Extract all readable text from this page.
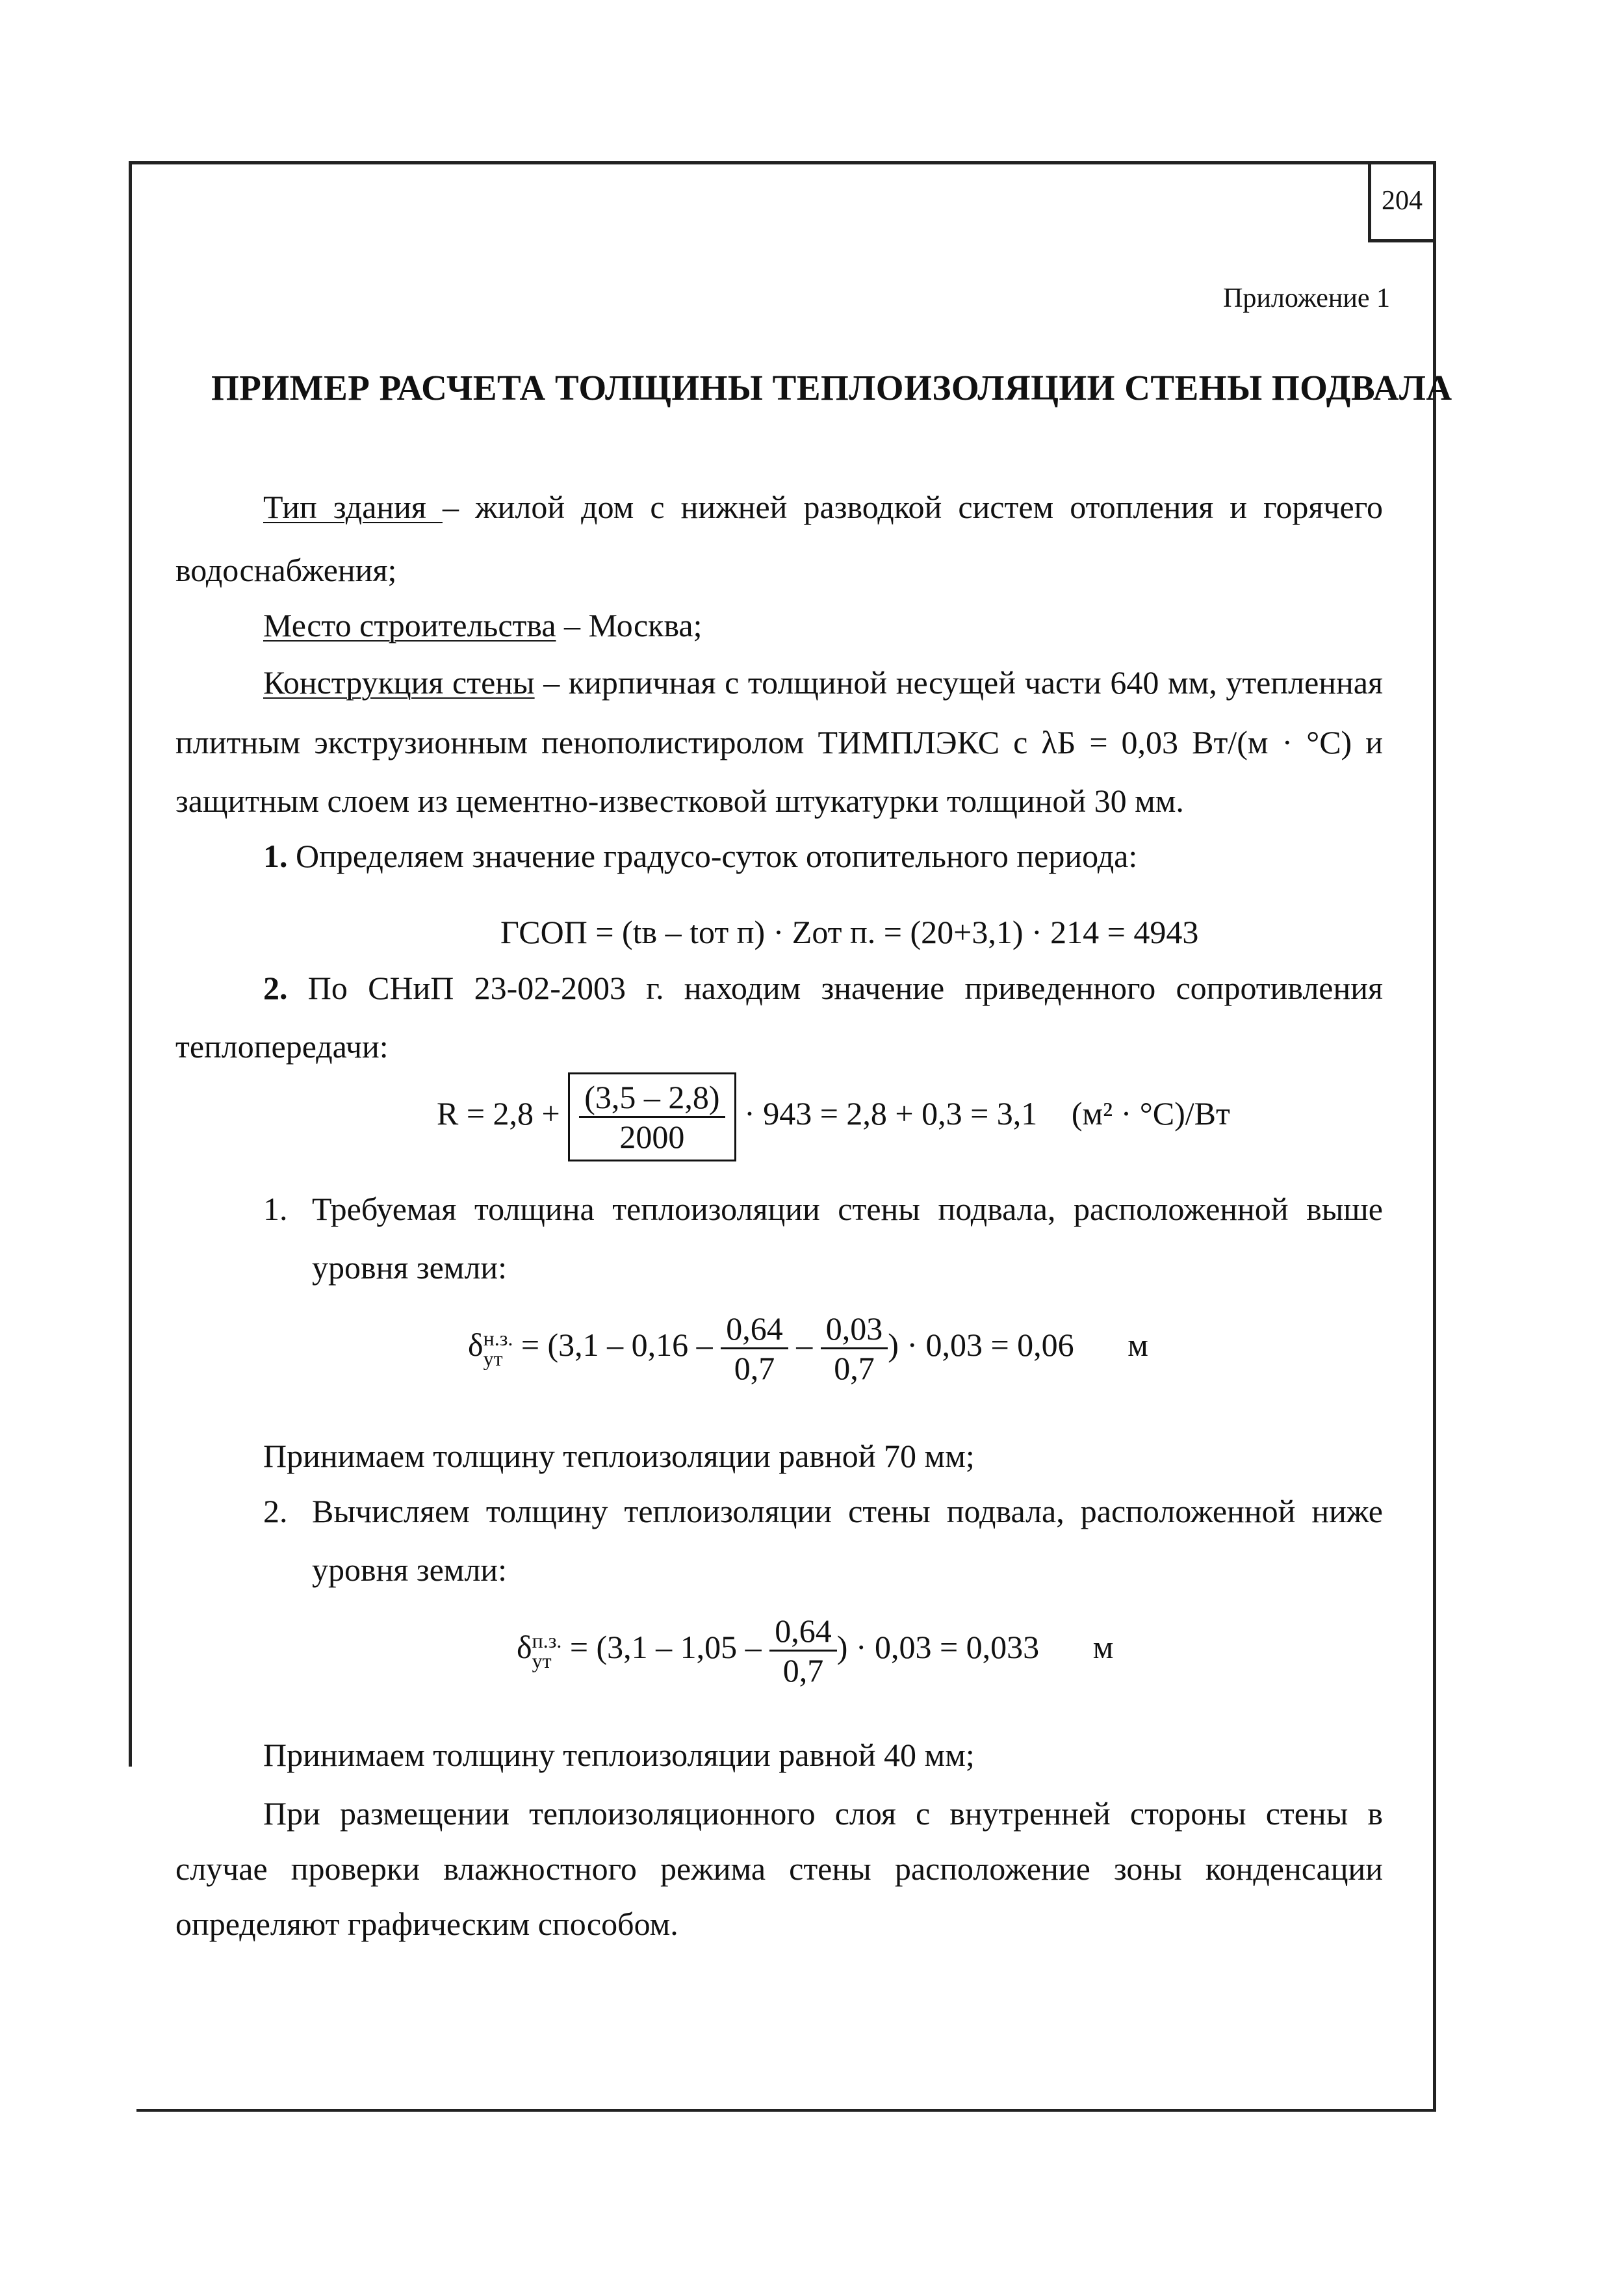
204
Приложение 1
ПРИМЕР РАСЧЕТА ТОЛЩИНЫ ТЕПЛОИЗОЛЯЦИИ СТЕНЫ ПОДВАЛА
Тип здания – жилой дом с нижней разводкой систем отопления и горячего
водоснабжения;
Место строительства – Москва;
Конструкция стены – кирпичная с толщиной несущей части 640 мм, утепленная
плитным экструзионным пенополистиролом ТИМПЛЭКС с λБ = 0,03 Вт/(м · °С) и
защитным слоем из цементно-известковой штукатурки толщиной 30 мм.
1. Определяем значение градусо-суток отопительного периода:
ГСОП = (tв – tот п) · Zот п. = (20+3,1) · 214 = 4943
2. По СНиП 23-02-2003 г. находим значение приведенного сопротивления
теплопередачи:
$R = 2,8 + \frac{(3,5 - 2,8)}{2000} \cdot 943 = 2,8 + 0,3 = 3,1$ (м² · °С)/Вт
1. Требуемая толщина теплоизоляции стены подвала, расположенной выше
уровня земли:
δ н.з.
ут = ($3,1 - 0,16 - \frac{0,64}{0,7} - \frac{0,03}{0,7}$ ) · 0,03 = 0,06 м
Принимаем толщину теплоизоляции равной 70 мм;
2. Вычисляем толщину теплоизоляции стены подвала, расположенной ниже
уровня земли:
δ п.з.
ут = ($3,1 - 1,05 - \frac{0,64}{0,7}$ ) · 0,03 = 0,033 м
Принимаем толщину теплоизоляции равной 40 мм;
При размещении теплоизоляционного слоя с внутренней стороны стены в
случае проверки влажностного режима стены расположение зоны конденсации
определяют графическим способом.
